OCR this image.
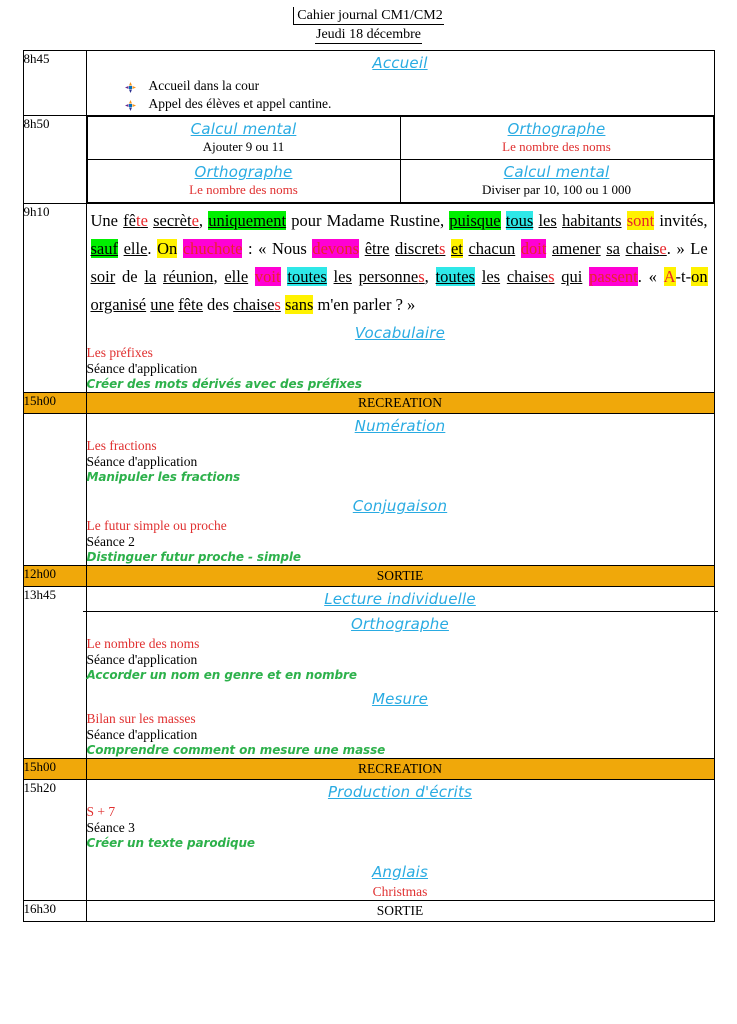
Cahier journal CM1/CM2
Jeudi 18 décembre
8h45	Accueil
Accueil dans la cour
Appel des élèves et appel cantine.

8h50		Calcul mental
Ajouter 9 ou 11
	Orthographe
Le nombre des noms

Orthographe
Le nombre des noms
	Calcul mental
Diviser par 10, 100 ou 1 000

9h10	Une fête secrète, uniquement pour Madame Rustine, puisque tous les habitants sont invités, sauf elle. On chuchote : « Nous devons être discrets et chacun doit amener sa chaise. » Le soir de la réunion, elle voit toutes les personnes, toutes les chaises qui passent. « A-t-on organisé une fête des chaises sans m'en parler ? »
Vocabulaire
Les préfixes
Séance d'application
Créer des mots dérivés avec des préfixes

15h00	RECREATION

Numération
Les fractions
Séance d'application
Manipuler les fractions
Conjugaison
Le futur simple ou proche
Séance 2
Distinguer futur proche - simple

12h00	SORTIE

13h45	Lecture individuelle
Orthographe
Le nombre des noms
Séance d'application
Accorder un nom en genre et en nombre
Mesure
Bilan sur les masses
Séance d'application
Comprendre comment on mesure une masse

15h00	RECREATION

15h20	Production d'écrits
S + 7
Séance 3
Créer un texte parodique
Anglais
Christmas

16h30	SORTIE
